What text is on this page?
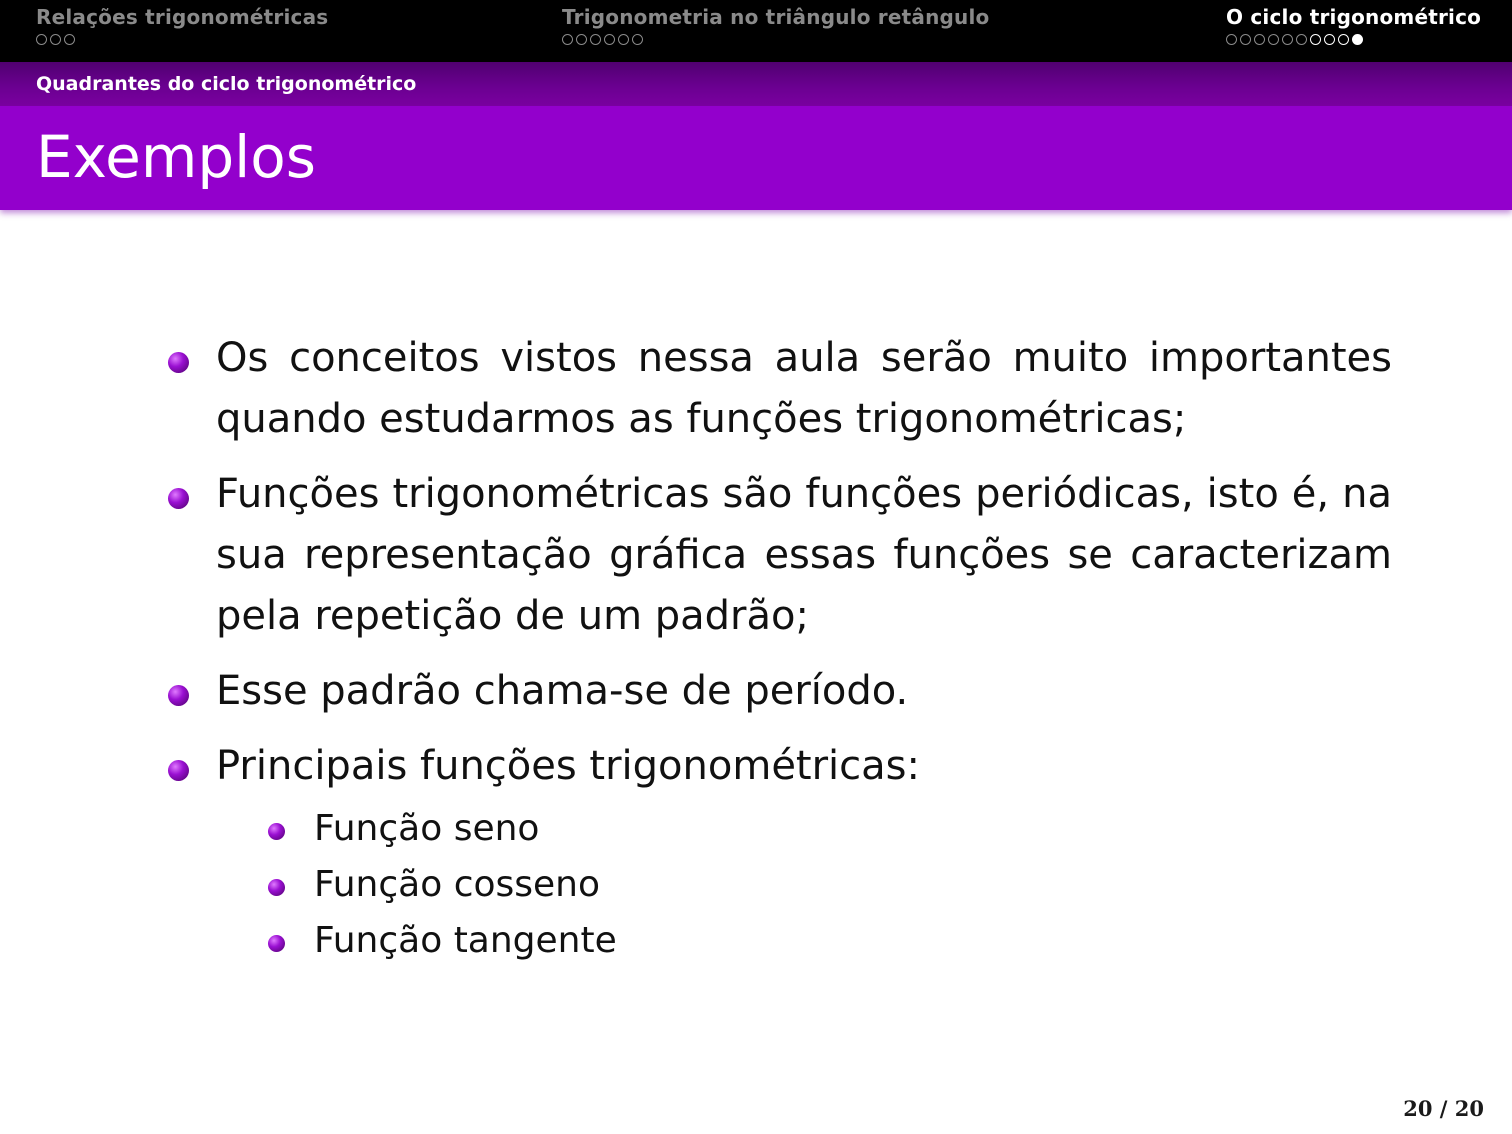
Relações trigonométricas	Trigonometria no triângulo retângulo	O ciclo trigonométrico
Quadrantes do ciclo trigonométrico
Exemplos
Os conceitos vistos nessa aula serão muito importantes quando estudarmos as funções trigonométricas;
Funções trigonométricas são funções periódicas, isto é, na sua representação gráfica essas funções se caracterizam pela repetição de um padrão;
Esse padrão chama-se de período.
Principais funções trigonométricas:
Função seno
Função cosseno
Função tangente
20 / 20
